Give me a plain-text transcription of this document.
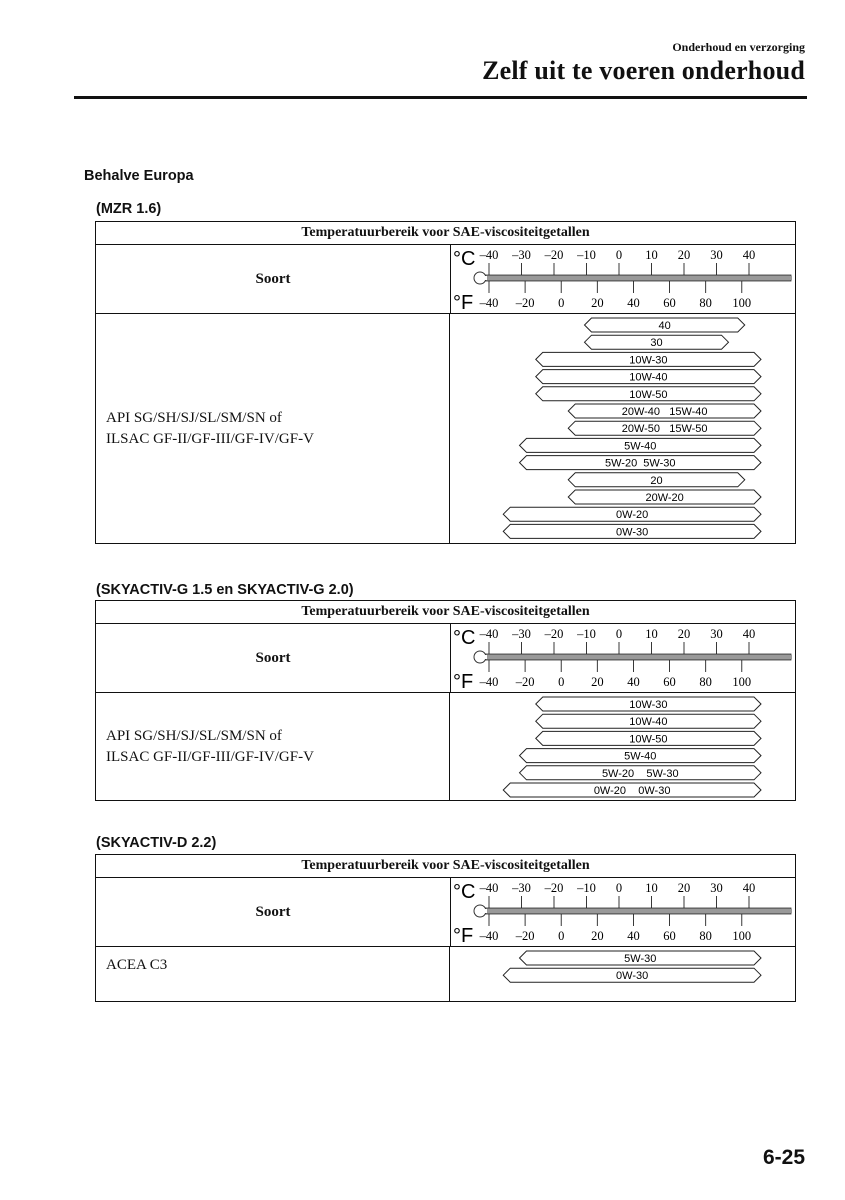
Onderhoud en verzorging
Zelf uit te voeren onderhoud
Behalve Europa
(MZR 1.6)
Temperatuurbereik voor SAE-viscositeitgetallen
Soort
°C
°F
–40 –30 –20 –10 0 10 20 30 40
–40 –20 0 20 40 60 80 100
API SG/SH/SJ/SL/SM/SN of
ILSAC GF-II/GF-III/GF-IV/GF-V
40
30
10W-30
10W-40
10W-50
20W-40   15W-40
20W-50   15W-50
5W-40
5W-20  5W-30
20
20W-20
0W-20
0W-30
(SKYACTIV-G 1.5 en SKYACTIV-G 2.0)
Temperatuurbereik voor SAE-viscositeitgetallen
Soort
°C
°F
–40 –30 –20 –10 0 10 20 30 40
–40 –20 0 20 40 60 80 100
API SG/SH/SJ/SL/SM/SN of
ILSAC GF-II/GF-III/GF-IV/GF-V
10W-30
10W-40
10W-50
5W-40
5W-20    5W-30
0W-20    0W-30
(SKYACTIV-D 2.2)
Temperatuurbereik voor SAE-viscositeitgetallen
Soort
°C
°F
–40 –30 –20 –10 0 10 20 30 40
–40 –20 0 20 40 60 80 100
ACEA C3	5W-30
0W-30
6-25
